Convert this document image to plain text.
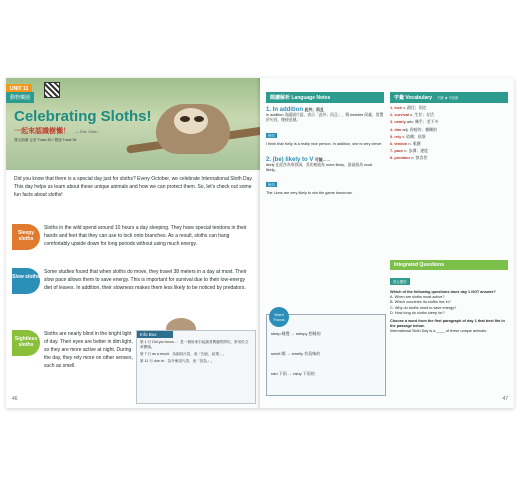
UNIT 11
動物樂園
Celebrating Sloths!
一起來認識樹懶！ — Eric Chen
課文朗讀 正常 Track 35 / 慢速 Track 36
Did you know that there is a special day just for sloths? Every October, we celebrate International Sloth Day. This day helps us learn about these unique animals and how we can protect them. So, let's check out some fun facts about sloths!
Sleepy sloths
Sloths in the wild spend around 10 hours a day sleeping. They have special tendons in their hands and feet that they can use to lock onto branches. As a result, sloths can hang comfortably upside down for long periods without using much energy.
Slow sloths
Some studies found that when sloths do move, they travel 38 meters in a day at most. Their slow pace allows them to save energy. This is important for survival due to their low-energy diet of leaves. In addition, their slowness makes them less likely to be noticed by predators.
Sightless sloths
Sloths are nearly blind in the bright light of day. Their eyes are better in dim light, so they are more active at night. During the day, they rely more on other senses, such as smell.
Info Box

第 1 行 Did you know...：是一個用來引起讀者興趣的問句，常用於文章開頭。

第 7 行 as a result：為副詞片語，表「因此、結果」。

第 11 行 due to：為介係詞片語，表「因為」。

46
閱讀解析 Language Notes
1. In addition 此外；而且
In addition 為副詞片語，表示「此外；而且」，與 besides 同義，常置於句首，後接逗號。
例句
I think that Kelly is a really nice person. In addition, she is very clever.
2. (be) likely to V 可能……
likely 在此作為形容詞，其比較級為 more likely、最高級為 most likely。
例句
The Lions are very likely to win the game tomorrow.
Word Focus
sleep 睡覺 → sleepy 想睡的
smell 聞 → smelly 有臭味的
rain 下雨 → rainy 下雨的
字彙 Vocabulary 中級 ★ 中高級
1. lock v. 鎖住；固定
2. survival n. 生存；存活
3. nearly adv. 幾乎；差不多
4. dim adj. 昏暗的；模糊的
5. rely v. 依賴；依靠
6. tendon n. 肌腱
7. pace n. 步調；速度
8. predator n. 掠食者
Integrated Questions
混合題型
Which of the following questions does day 1 NOT answer?
A. When are sloths most active?
B. Which countries do sloths live in?
C. Why do sloths need to save energy?
D. How long do sloths sleep for?
Choose a word from the first paragraph of day 1 that best fits in the passage below.
International Sloth Day is a ____ of these unique animals.
47
